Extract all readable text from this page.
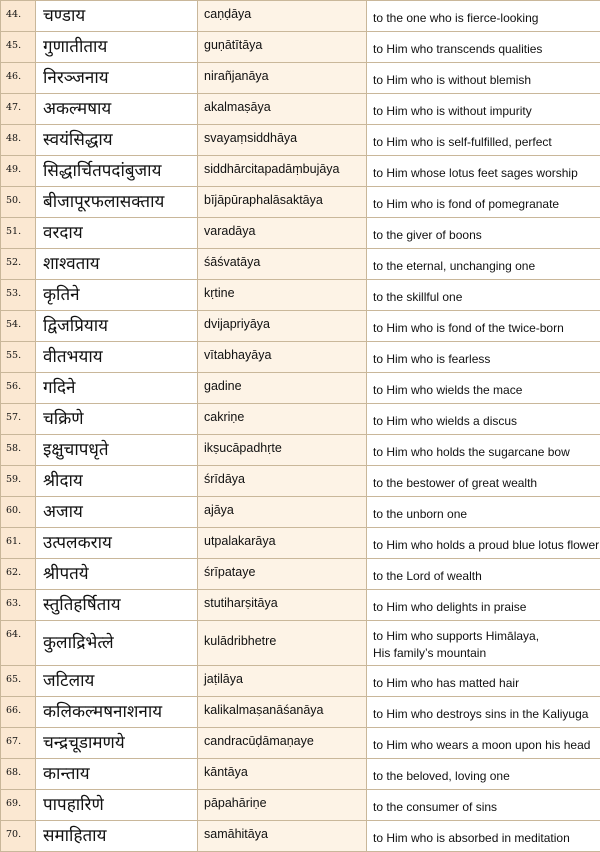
44.	चण्डाय	caṇḍāya	to the one who is fierce-looking

45.	गुणातीताय	guṇātītāya	to Him who transcends qualities

46.	निरञ्जनाय	nirañjanāya	to Him who is without blemish

47.	अकल्मषाय	akalmaṣāya	to Him who is without impurity

48.	स्वयंसिद्धाय	svayaṃsiddhāya	to Him who is self-fulfilled, perfect

49.	सिद्धार्चितपदांबुजाय	siddhārcitapadāṃbujāya	to Him whose lotus feet sages worship

50.	बीजापूरफलासक्ताय	bījāpūraphalāsaktāya	to Him who is fond of pomegranate

51.	वरदाय	varadāya	to the giver of boons

52.	शाश्वताय	śāśvatāya	to the eternal, unchanging one

53.	कृतिने	kṛtine	to the skillful one

54.	द्विजप्रियाय	dvijapriyāya	to Him who is fond of the twice-born

55.	वीतभयाय	vītabhayāya	to Him who is fearless

56.	गदिने	gadine	to Him who wields the mace

57.	चक्रिणे	cakriṇe	to Him who wields a discus

58.	इक्षुचापधृते	ikṣucāpadhṛte	to Him who holds the sugarcane bow

59.	श्रीदाय	śrīdāya	to the bestower of great wealth

60.	अजाय	ajāya	to the unborn one

61.	उत्पलकराय	utpalakarāya	to Him who holds a proud blue lotus flower

62.	श्रीपतये	śrīpataye	to the Lord of wealth

63.	स्तुतिहर्षिताय	stutiharṣitāya	to Him who delights in praise

64.	कुलाद्रिभेत्ले	kulādribhetre	to Him who supports Himālaya,
His family’s mountain

65.	जटिलाय	jaṭilāya	to Him who has matted hair

66.	कलिकल्मषनाशनाय	kalikalmaṣanāśanāya	to Him who destroys sins in the Kaliyuga

67.	चन्द्रचूडामणये	candracūḍāmaṇaye	to Him who wears a moon upon his head

68.	कान्ताय	kāntāya	to the beloved, loving one

69.	पापहारिणे	pāpahāriṇe	to the consumer of sins

70.	समाहिताय	samāhitāya	to Him who is absorbed in meditation
